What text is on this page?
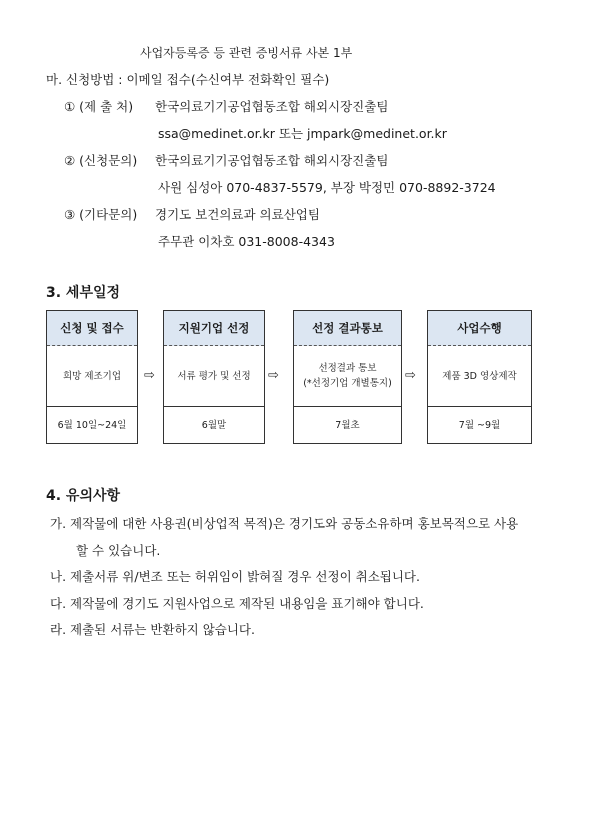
사업자등록증 등 관련 증빙서류 사본 1부
마. 신청방법 : 이메일 접수(수신여부 전화확인 필수)
① (제 출 처) 한국의료기기공업협동조합 해외시장진출팀
ssa@medinet.or.kr 또는 jmpark@medinet.or.kr
② (신청문의) 한국의료기기공업협동조합 해외시장진출팀
사원 심성아 070-4837-5579, 부장 박정민 070-8892-3724
③ (기타문의) 경기도 보건의료과 의료산업팀
주무관 이차호 031-8008-4343
3. 세부일정
신청 및 접수
희망 제조기업
6월 10일~24일
⇨
지원기업 선정
서류 평가 및 선정
6월말
⇨
선정 결과통보
선정결과 통보
(*선정기업 개별통지)
7월초
⇨
사업수행
제품 3D 영상제작
7월 ~9월
4. 유의사항
가. 제작물에 대한 사용권(비상업적 목적)은 경기도와 공동소유하며 홍보목적으로 사용
할 수 있습니다.
나. 제출서류 위/변조 또는 허위임이 밝혀질 경우 선정이 취소됩니다.
다. 제작물에 경기도 지원사업으로 제작된 내용임을 표기해야 합니다.
라. 제출된 서류는 반환하지 않습니다.
